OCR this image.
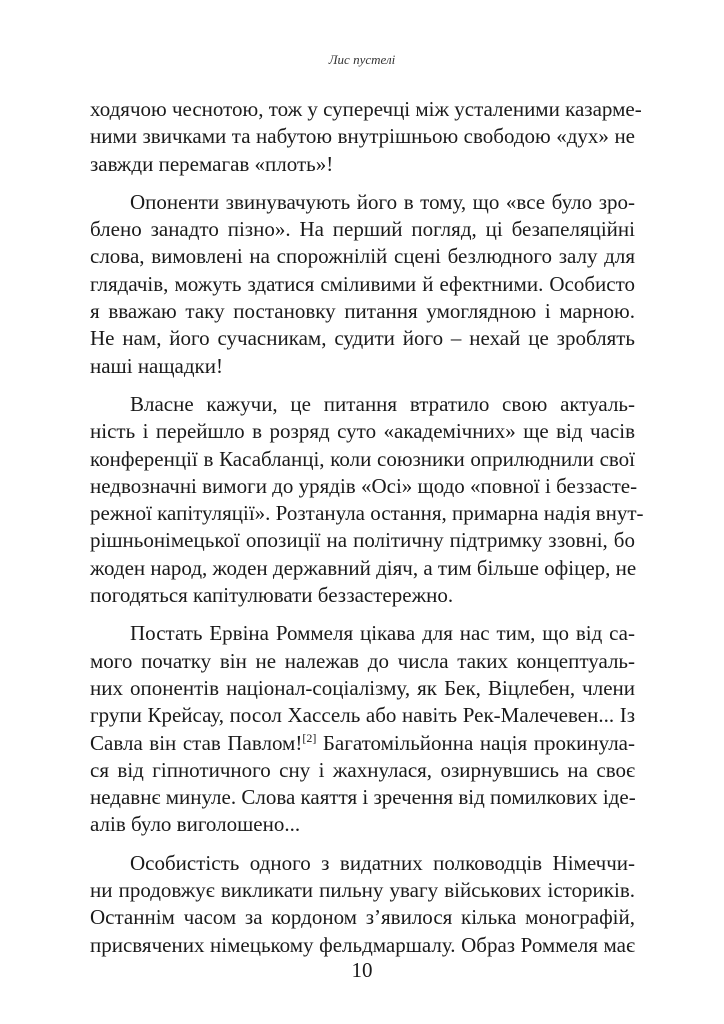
Лис пустелі
ходячою чеснотою, тож у суперечці між усталеними казарме-
ними звичками та набутою внутрішньою свободою «дух» не
завжди перемагав «плоть»!
Опоненти звинувачують його в тому, що «все було зро-
блено занадто пізно». На перший погляд, ці безапеляційні
слова, вимовлені на спорожнілій сцені безлюдного залу для
глядачів, можуть здатися сміливими й ефектними. Особисто
я вважаю таку постановку питання умоглядною і марною.
Не нам, його сучасникам, судити його – нехай це зроблять
наші нащадки!
Власне кажучи, це питання втратило свою актуаль-
ність і перейшло в розряд суто «академічних» ще від часів
конференції в Касабланці, коли союзники оприлюднили свої
недвозначні вимоги до урядів «Осі» щодо «повної і беззасте-
режної капітуляції». Розтанула остання, примарна надія внут-
рішньонімецької опозиції на політичну підтримку ззовні, бо
жоден народ, жоден державний діяч, а тим більше офіцер, не
погодяться капітулювати беззастережно.
Постать Ервіна Роммеля цікава для нас тим, що від са-
мого початку він не належав до числа таких концептуаль-
них опонентів націонал-соціалізму, як Бек, Віцлебен, члени
групи Крейсау, посол Хассель або навіть Рек-Малечевен... Із
Савла він став Павлом![2] Багатомільйонна нація прокинула-
ся від гіпнотичного сну і жахнулася, озирнувшись на своє
недавнє минуле. Слова каяття і зречення від помилкових іде-
алів було виголошено...
Особистість одного з видатних полководців Німеччи-
ни продовжує викликати пильну увагу військових істориків.
Останнім часом за кордоном з’явилося кілька монографій,
присвячених німецькому фельдмаршалу. Образ Роммеля має
10
